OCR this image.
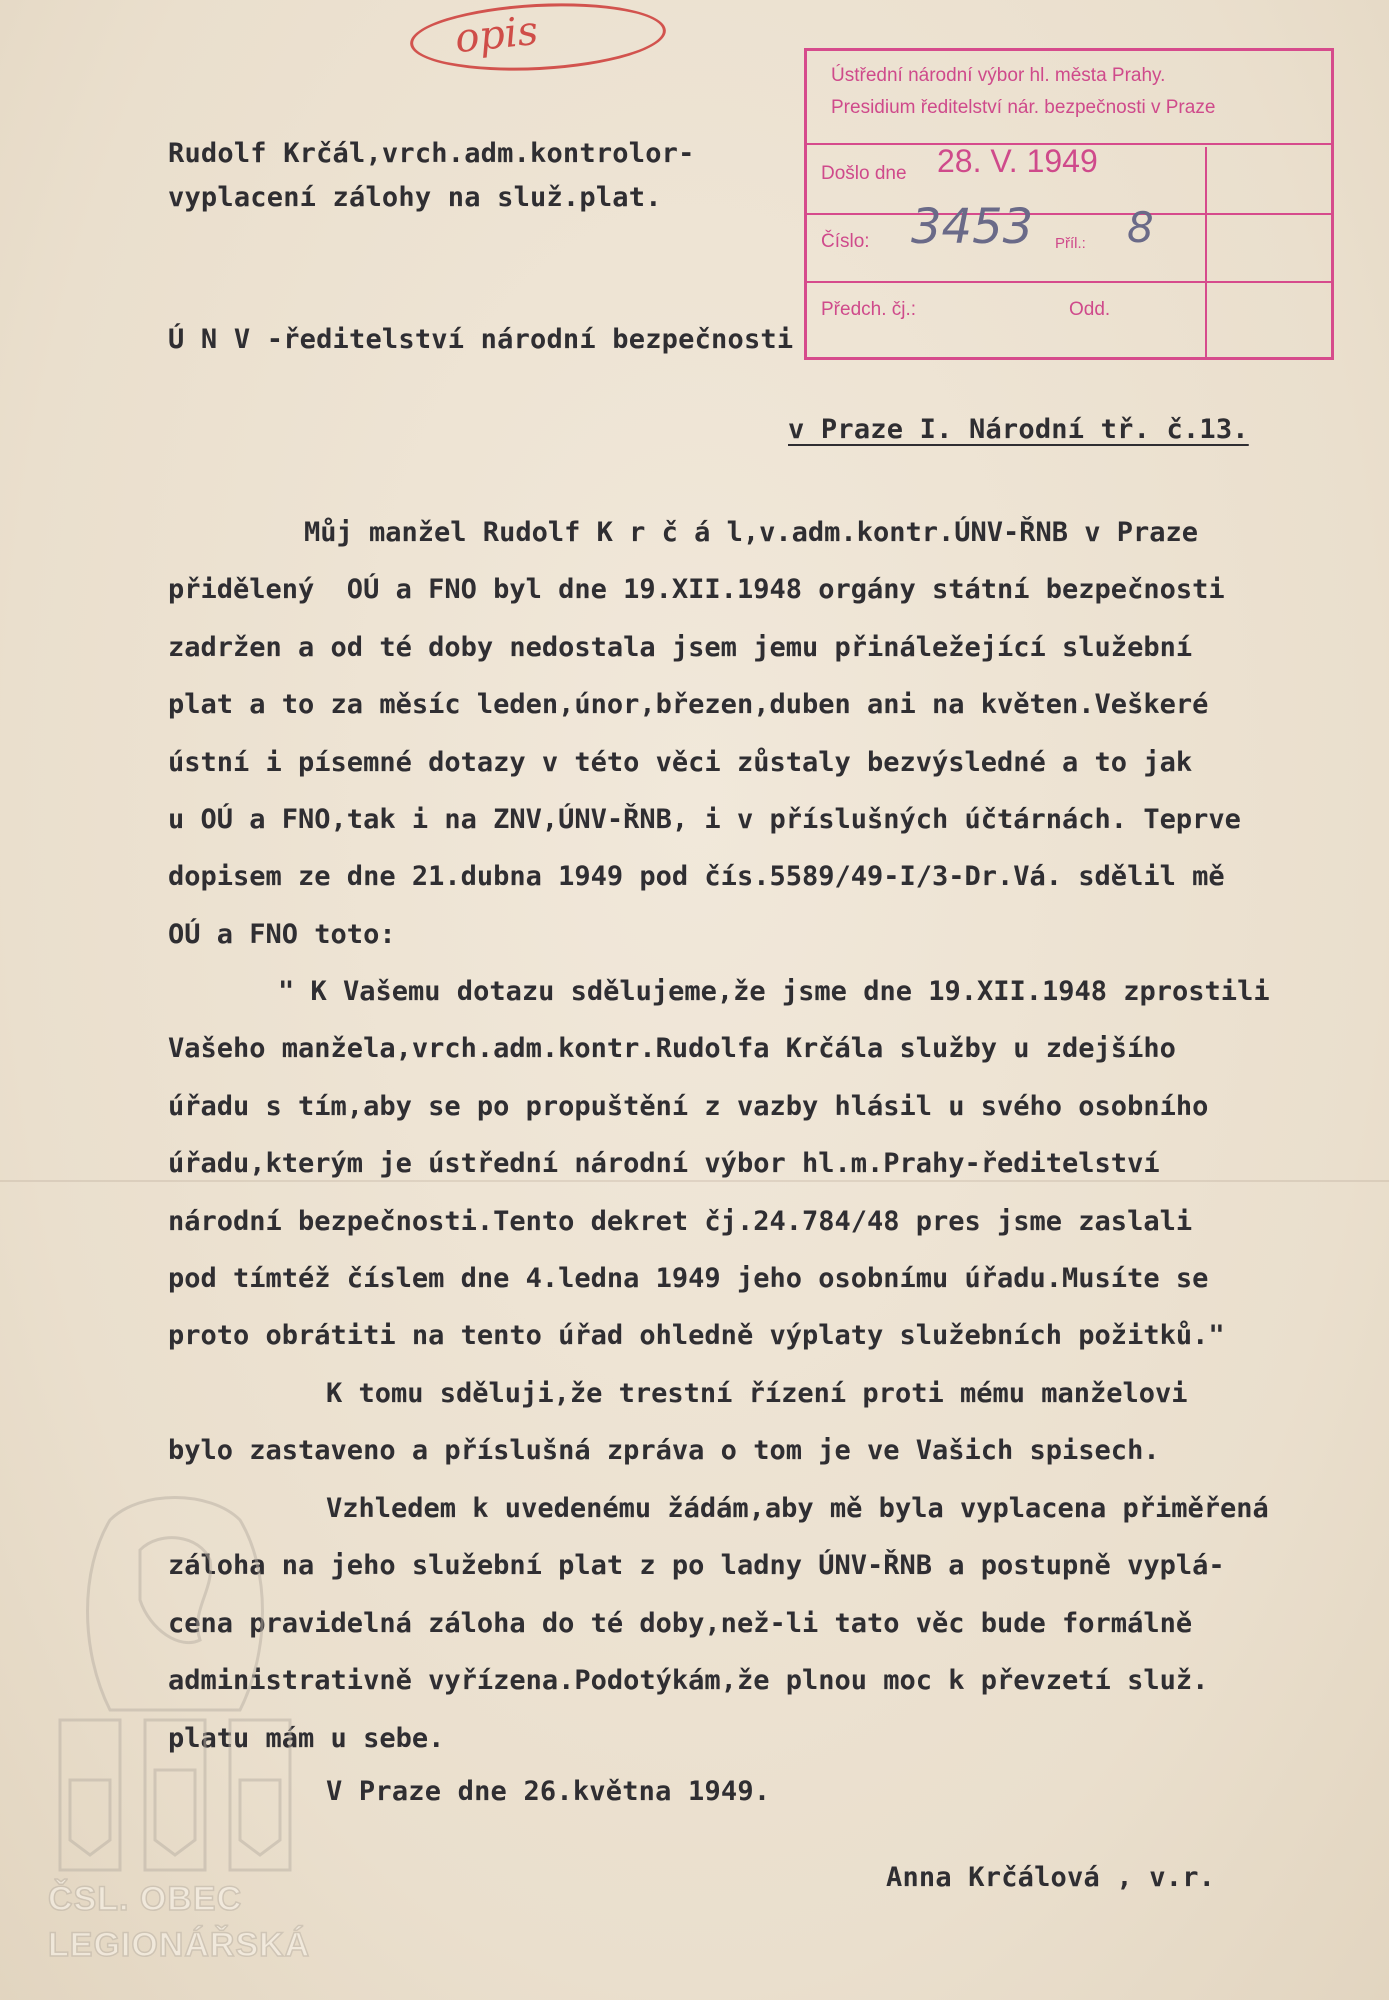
opis
Ústřední národní výbor hl. města Prahy.
Presidium ředitelství nár. bezpečnosti v Praze
Došlo dne 28. V. 1949
Číslo: 3453 Příl.: 8
Předch. čj.:	Odd.
Rudolf Krčál,vrch.adm.kontrolor-
vyplacení zálohy na služ.plat.
Ú N V -ředitelství národní bezpečnosti
v Praze I. Národní tř. č.13.
Můj manžel Rudolf K r č á l,v.adm.kontr.ÚNV-ŘNB v Praze
přidělený  OÚ a FNO byl dne 19.XII.1948 orgány státní bezpečnosti
zadržen a od té doby nedostala jsem jemu přináležející služební
plat a to za měsíc leden,únor,březen,duben ani na květen.Veškeré
ústní i písemné dotazy v této věci zůstaly bezvýsledné a to jak
u OÚ a FNO,tak i na ZNV,ÚNV-ŘNB, i v příslušných účtárnách. Teprve
dopisem ze dne 21.dubna 1949 pod čís.5589/49-I/3-Dr.Vá. sdělil mě
OÚ a FNO toto:
" K Vašemu dotazu sdělujeme,že jsme dne 19.XII.1948 zprostili
Vašeho manžela,vrch.adm.kontr.Rudolfa Krčála služby u zdejšího
úřadu s tím,aby se po propuštění z vazby hlásil u svého osobního
úřadu,kterým je ústřední národní výbor hl.m.Prahy-ředitelství
národní bezpečnosti.Tento dekret čj.24.784/48 pres jsme zaslali
pod tímtéž číslem dne 4.ledna 1949 jeho osobnímu úřadu.Musíte se
proto obrátiti na tento úřad ohledně výplaty služebních požitků."
K tomu sděluji,že trestní řízení proti mému manželovi
bylo zastaveno a příslušná zpráva o tom je ve Vašich spisech.
Vzhledem k uvedenému žádám,aby mě byla vyplacena přiměřená
záloha na jeho služební plat z po ladny ÚNV-ŘNB a postupně vyplá-
cena pravidelná záloha do té doby,než-li tato věc bude formálně
administrativně vyřízena.Podotýkám,že plnou moc k převzetí služ.
platu mám u sebe.
V Praze dne 26.května 1949.
Anna Krčálová , v.r.
ČSL. OBEC
LEGIONÁŘSKÁ
